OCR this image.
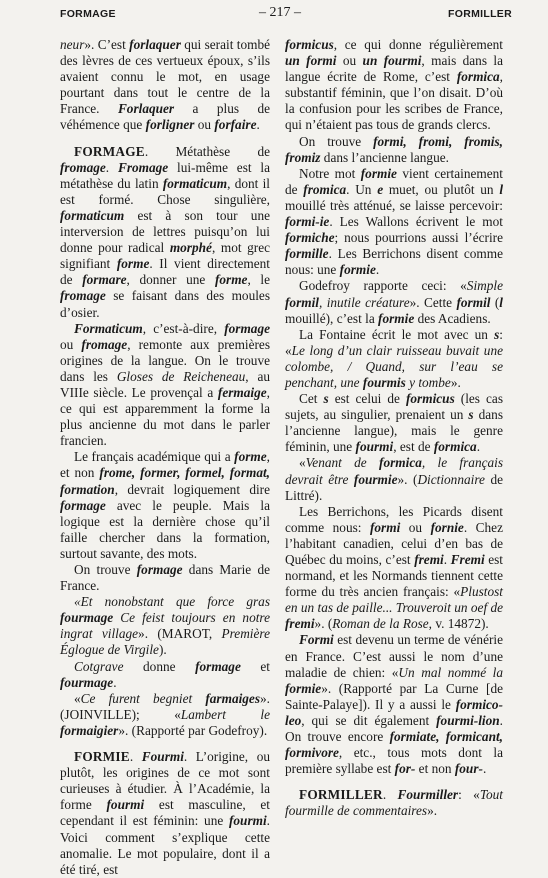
FORMAGE	– 217 –	FORMILLER

neur». C’est forlaquer qui serait tombé des lèvres de ces vertueux époux, s’ils avaient connu le mot, en usage pourtant dans tout le centre de la France. Forlaquer a plus de véhémence que forligner ou forfaire.

FORMAGE. Métathèse de fromage. Fromage lui-même est la métathèse du latin formaticum, dont il est formé. Chose singulière, formaticum est à son tour une interversion de lettres puisqu’on lui donne pour radical morphé, mot grec signifiant forme. Il vient directement de formare, donner une forme, le fromage se faisant dans des moules d’osier.

Formaticum, c’est-à-dire, formage ou fromage, remonte aux premières origines de la langue. On le trouve dans les Gloses de Reicheneau, au VIIIe siècle. Le provençal a fermaige, ce qui est apparemment la forme la plus ancienne du mot dans le parler francien.

Le français académique qui a forme, et non frome, former, formel, format, formation, devrait logiquement dire formage avec le peuple. Mais la logique est la dernière chose qu’il faille chercher dans la formation, surtout savante, des mots.

On trouve formage dans Marie de France.

«Et nonobstant que force gras fourmage Ce feist toujours en notre ingrat village». (MAROT, Première Églogue de Virgile).

Cotgrave donne formage et fourmage.

«Ce furent begniet farmaiges». (JOINVILLE); «Lambert le formaigier». (Rapporté par Godefroy).

FORMIE. Fourmi. L’origine, ou plutôt, les origines de ce mot sont curieuses à étudier. À l’Académie, la forme fourmi est masculine, et cependant il est féminin: une fourmi. Voici comment s’explique cette anomalie. Le mot populaire, dont il a été tiré, est

formicus, ce qui donne régulièrement un formi ou un fourmi, mais dans la langue écrite de Rome, c’est formica, substantif féminin, que l’on disait. D’où la confusion pour les scribes de France, qui n’étaient pas tous de grands clercs.

On trouve formi, fromi, fromis, fromiz dans l’ancienne langue.

Notre mot formie vient certainement de fromica. Un e muet, ou plutôt un l mouillé très atténué, se laisse percevoir: formi-ie. Les Wallons écrivent le mot formiche; nous pourrions aussi l’écrire formille. Les Berrichons disent comme nous: une formie.

Godefroy rapporte ceci: «Simple formil, inutile créature». Cette formil (l mouillé), c’est la formie des Acadiens.

La Fontaine écrit le mot avec un s: «Le long d’un clair ruisseau buvait une colombe, / Quand, sur l’eau se penchant, une fourmis y tombe».

Cet s est celui de formicus (les cas sujets, au singulier, prenaient un s dans l’ancienne langue), mais le genre féminin, une fourmi, est de formica.

«Venant de formica, le français devrait être fourmie». (Dictionnaire de Littré).

Les Berrichons, les Picards disent comme nous: formi ou fornie. Chez l’habitant canadien, celui d’en bas de Québec du moins, c’est fremi. Fremi est normand, et les Normands tiennent cette forme du très ancien français: «Plustost en un tas de paille... Trouveroit un oef de fremi». (Roman de la Rose, v. 14872).

Formi est devenu un terme de vénérie en France. C’est aussi le nom d’une maladie de chien: «Un mal nommé la formie». (Rapporté par La Curne [de Sainte-Palaye]). Il y a aussi le formico-leo, qui se dit également fourmi-lion. On trouve encore formiate, formicant, formivore, etc., tous mots dont la première syllabe est for- et non four-.

FORMILLER. Fourmiller: «Tout fourmille de commentaires».
